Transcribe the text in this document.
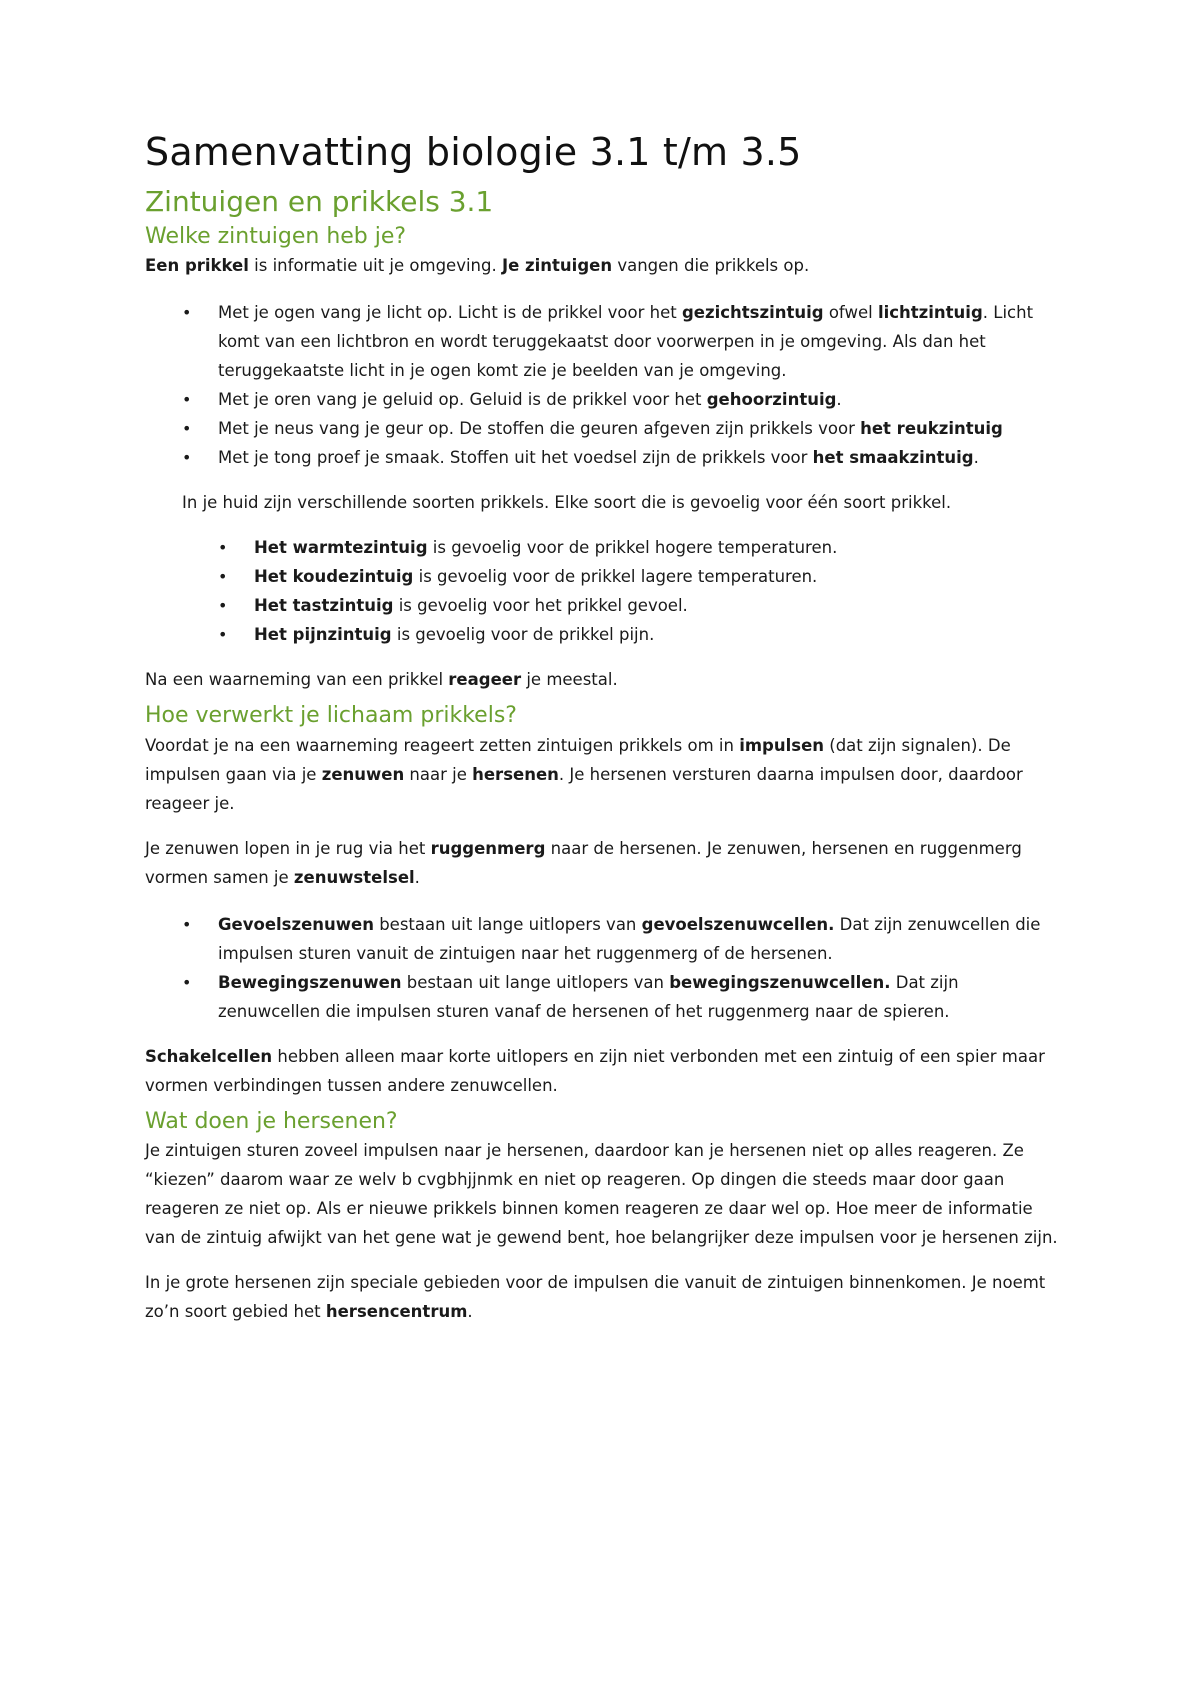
Samenvatting biologie 3.1 t/m 3.5
Zintuigen en prikkels 3.1
Welke zintuigen heb je?

Een prikkel is informatie uit je omgeving. Je zintuigen vangen die prikkels op.

• Met je ogen vang je licht op. Licht is de prikkel voor het gezichtszintuig ofwel lichtzintuig. Licht komt van een lichtbron en wordt teruggekaatst door voorwerpen in je omgeving. Als dan het teruggekaatste licht in je ogen komt zie je beelden van je omgeving.
• Met je oren vang je geluid op. Geluid is de prikkel voor het gehoorzintuig.
• Met je neus vang je geur op. De stoffen die geuren afgeven zijn prikkels voor het reukzintuig
• Met je tong proef je smaak. Stoffen uit het voedsel zijn de prikkels voor het smaakzintuig.

In je huid zijn verschillende soorten prikkels. Elke soort die is gevoelig voor één soort prikkel.

• Het warmtezintuig is gevoelig voor de prikkel hogere temperaturen.
• Het koudezintuig is gevoelig voor de prikkel lagere temperaturen.
• Het tastzintuig is gevoelig voor het prikkel gevoel.
• Het pijnzintuig is gevoelig voor de prikkel pijn.

Na een waarneming van een prikkel reageer je meestal.

Hoe verwerkt je lichaam prikkels?

Voordat je na een waarneming reageert zetten zintuigen prikkels om in impulsen (dat zijn signalen). De impulsen gaan via je zenuwen naar je hersenen. Je hersenen versturen daarna impulsen door, daardoor reageer je.

Je zenuwen lopen in je rug via het ruggenmerg naar de hersenen. Je zenuwen, hersenen en ruggenmerg vormen samen je zenuwstelsel.

• Gevoelszenuwen bestaan uit lange uitlopers van gevoelszenuwcellen. Dat zijn zenuwcellen die impulsen sturen vanuit de zintuigen naar het ruggenmerg of de hersenen.
• Bewegingszenuwen bestaan uit lange uitlopers van bewegingszenuwcellen. Dat zijn zenuwcellen die impulsen sturen vanaf de hersenen of het ruggenmerg naar de spieren.

Schakelcellen hebben alleen maar korte uitlopers en zijn niet verbonden met een zintuig of een spier maar vormen verbindingen tussen andere zenuwcellen.

Wat doen je hersenen?

Je zintuigen sturen zoveel impulsen naar je hersenen, daardoor kan je hersenen niet op alles reageren. Ze “kiezen” daarom waar ze welv b cvgbhjjnmk en niet op reageren. Op dingen die steeds maar door gaan reageren ze niet op. Als er nieuwe prikkels binnen komen reageren ze daar wel op. Hoe meer de informatie van de zintuig afwijkt van het gene wat je gewend bent, hoe belangrijker deze impulsen voor je hersenen zijn.

In je grote hersenen zijn speciale gebieden voor de impulsen die vanuit de zintuigen binnenkomen. Je noemt zo’n soort gebied het hersencentrum.
